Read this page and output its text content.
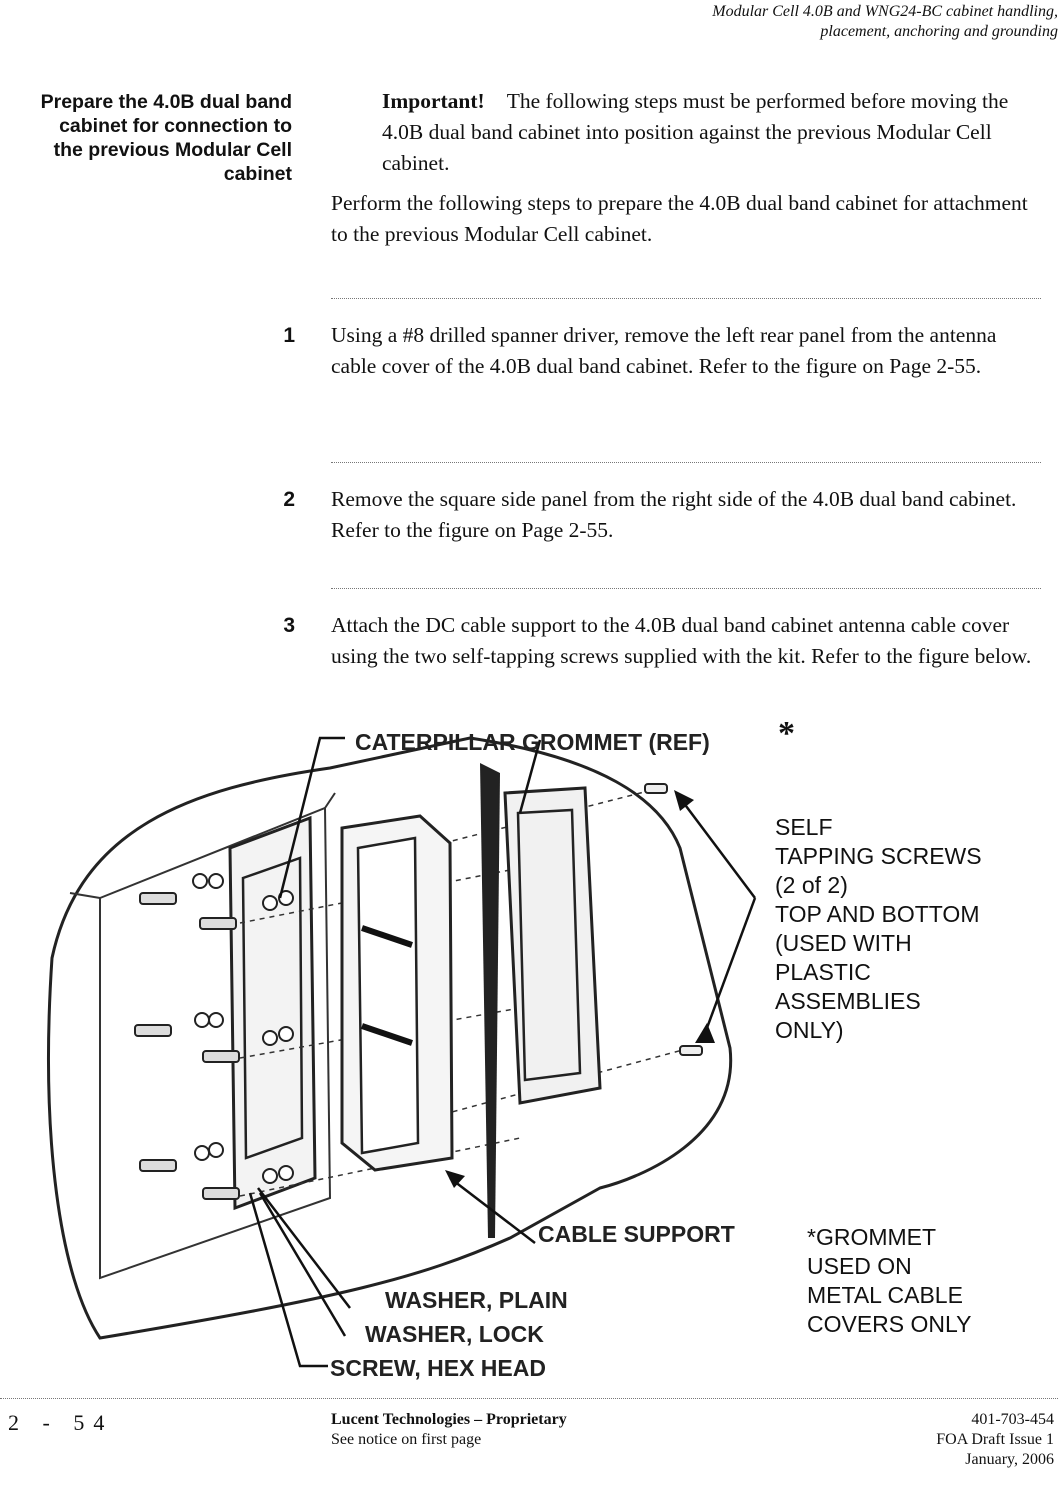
Modular Cell 4.0B and WNG24-BC cabinet handling,
placement, anchoring and grounding
Prepare the 4.0B dual band
cabinet for connection to
the previous Modular Cell
cabinet
Important! The following steps must be performed before moving the 4.0B dual band cabinet into position against the previous Modular Cell cabinet.
Perform the following steps to prepare the 4.0B dual band cabinet for attachment to the previous Modular Cell cabinet.
1 Using a #8 drilled spanner driver, remove the left rear panel from the antenna cable cover of the 4.0B dual band cabinet. Refer to the figure on Page 2-55.
2 Remove the square side panel from the right side of the 4.0B dual band cabinet. Refer to the figure on Page 2-55.
3 Attach the DC cable support to the 4.0B dual band cabinet antenna cable cover using the two self-tapping screws supplied with the kit. Refer to the figure below.
CATERPILLAR GROMMET (REF) *
CABLE SUPPORT
WASHER, PLAIN
WASHER, LOCK
SCREW, HEX HEAD
SELF
TAPPING SCREWS
(2 of 2)
TOP AND BOTTOM
(USED WITH
PLASTIC
ASSEMBLIES
ONLY)
*GROMMET
USED ON
METAL CABLE
COVERS ONLY
2 - 54	Lucent Technologies – Proprietary
See notice on first page
401-703-454
FOA Draft Issue 1
January, 2006
